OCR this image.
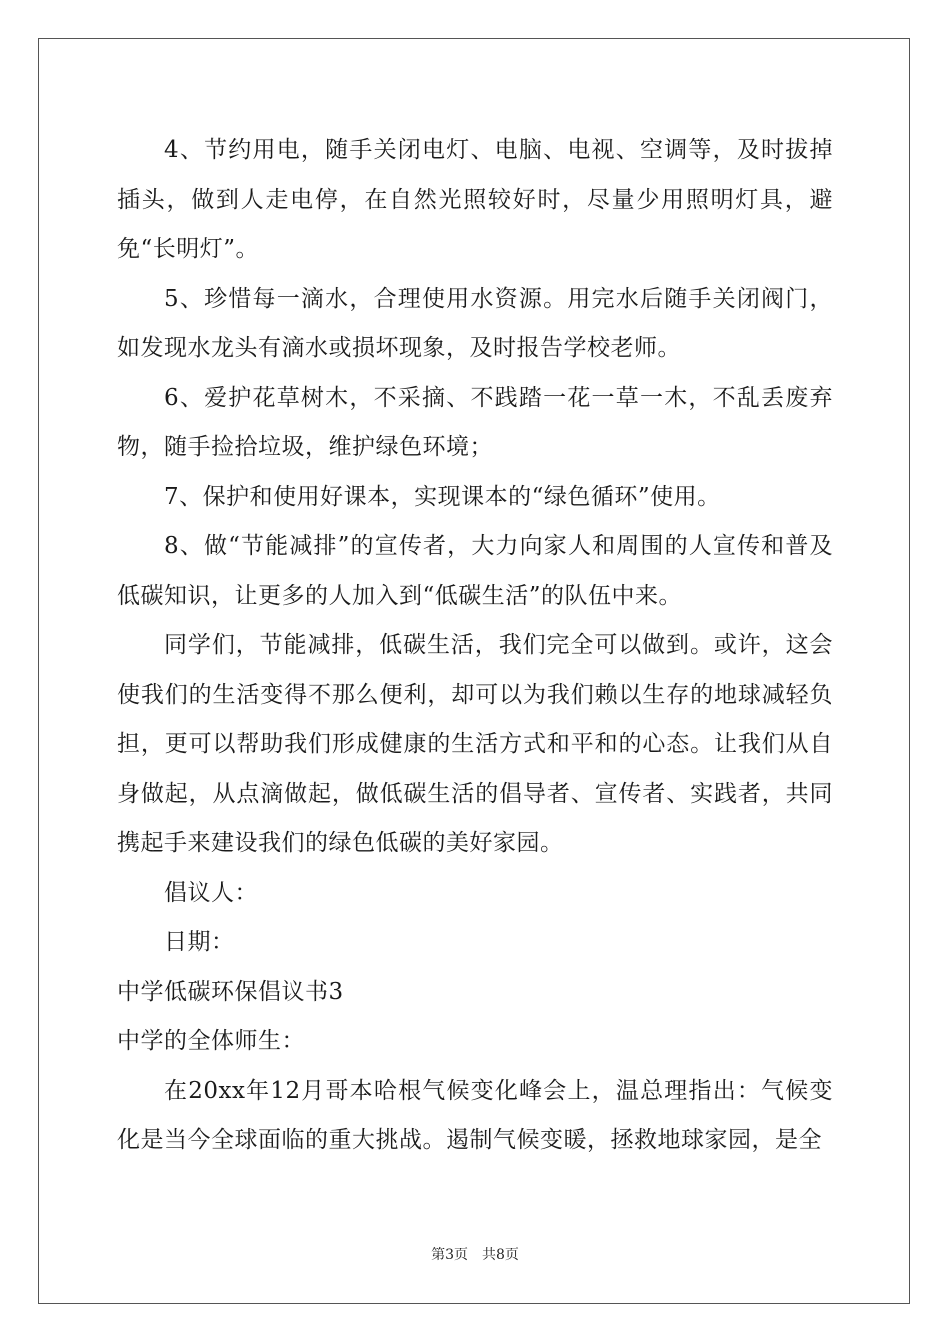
4、节约用电，随手关闭电灯、电脑、电视、空调等，及时拔掉插头，做到人走电停，在自然光照较好时，尽量少用照明灯具，避免“长明灯”。

5、珍惜每一滴水，合理使用水资源。用完水后随手关闭阀门，如发现水龙头有滴水或损坏现象，及时报告学校老师。

6、爱护花草树木，不采摘、不践踏一花一草一木，不乱丢废弃物，随手捡拾垃圾，维护绿色环境；

7、保护和使用好课本，实现课本的“绿色循环”使用。

8、做“节能减排”的宣传者，大力向家人和周围的人宣传和普及低碳知识，让更多的人加入到“低碳生活”的队伍中来。

同学们，节能减排，低碳生活，我们完全可以做到。或许，这会使我们的生活变得不那么便利，却可以为我们赖以生存的地球减轻负担，更可以帮助我们形成健康的生活方式和平和的心态。让我们从自身做起，从点滴做起，做低碳生活的倡导者、宣传者、实践者，共同携起手来建设我们的绿色低碳的美好家园。

倡议人：

日期：

中学低碳环保倡议书3

中学的全体师生：

在20xx年12月哥本哈根气候变化峰会上，温总理指出：气候变化是当今全球面临的重大挑战。遏制气候变暖，拯救地球家园，是全

第3页　共8页
